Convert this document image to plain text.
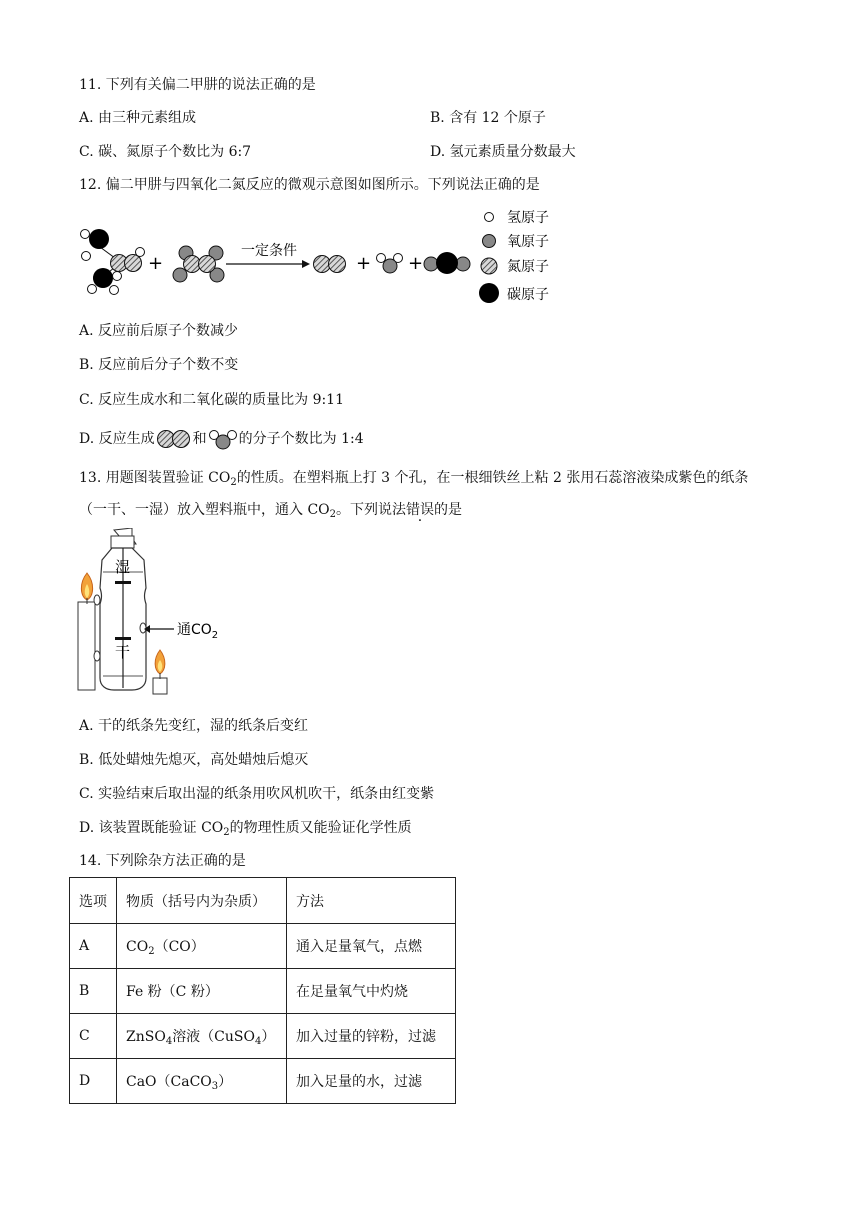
11. 下列有关偏二甲肼的说法正确的是
A. 由三种元素组成	B. 含有 12 个原子
C. 碳、氮原子个数比为 6:7	D. 氢元素质量分数最大
12. 偏二甲肼与四氧化二氮反应的微观示意图如图所示。下列说法正确的是
+
一定条件
+ +
氢原子
氧原子
氮原子
碳原子
A. 反应前后原子个数减少
B. 反应前后分子个数不变
C. 反应生成水和二氧化碳的质量比为 9:11
D. 反应生成	和 的分子个数比为 1:4
13. 用题图装置验证 $CO_2$的性质。在塑料瓶上打 3 个孔，在一根细铁丝上粘 2 张用石蕊溶液染成紫色的纸条
（一干、一湿）放入塑料瓶中，通入 $CO_2$。下列说法错误的是
湿
干
通$CO_2$
A. 干的纸条先变红，湿的纸条后变红
B. 低处蜡烛先熄灭，高处蜡烛后熄灭
C. 实验结束后取出湿的纸条用吹风机吹干，纸条由红变紫
D. 该装置既能验证 $CO_2$的物理性质又能验证化学性质
14. 下列除杂方法正确的是
选项	物质（括号内为杂质）	方法
A	$CO_2(CO)$	通入足量氧气，点燃
B	Fe 粉（C 粉）	在足量氧气中灼烧
C	ZnSO$_4$溶液（CuSO$_4$）	加入过量的锌粉，过滤
D	CaO（CaCO$_3$）	加入足量的水，过滤
